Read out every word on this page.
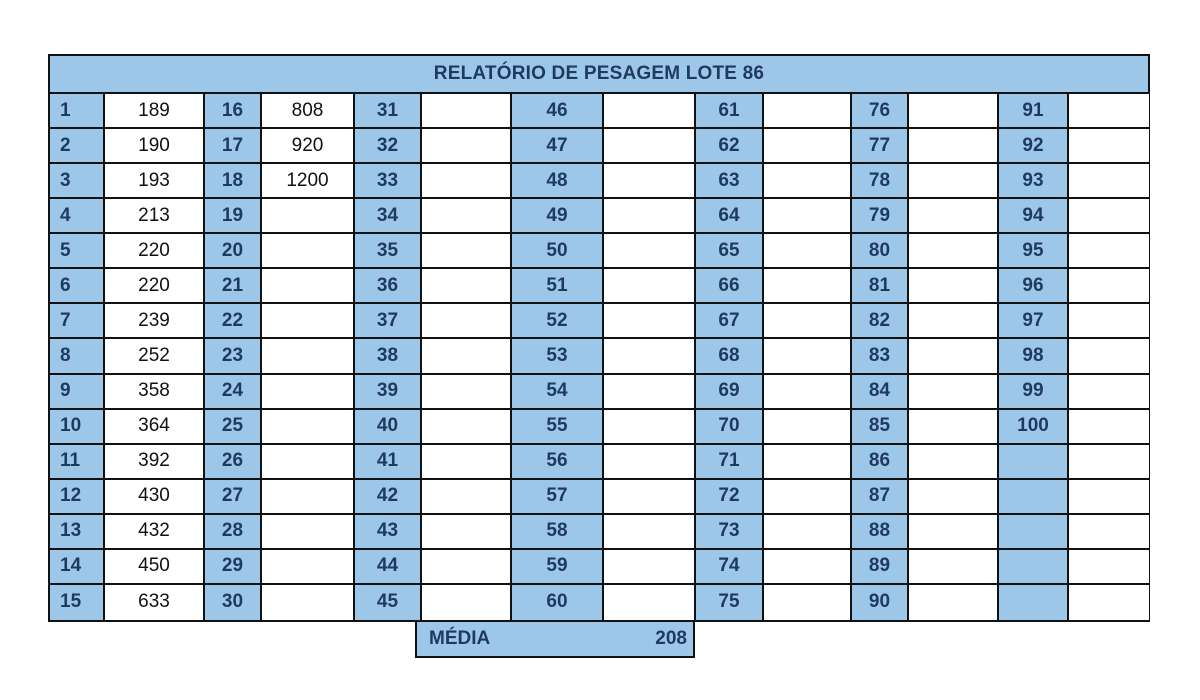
RELATÓRIO DE PESAGEM LOTE 86
1	189	16	808	31	46	61	76	91
2	190	17	920	32	47	62	77	92
3	193	18	1200	33	48	63	78	93
4	213	19	34	49	64	79	94
5	220	20	35	50	65	80	95
6	220	21	36	51	66	81	96
7	239	22	37	52	67	82	97
8	252	23	38	53	68	83	98
9	358	24	39	54	69	84	99
10	364	25	40	55	70	85	100
11	392	26	41	56	71	86
12	430	27	42	57	72	87
13	432	28	43	58	73	88
14	450	29	44	59	74	89
15	633	30	45	60	75	90
MÉDIA	208
